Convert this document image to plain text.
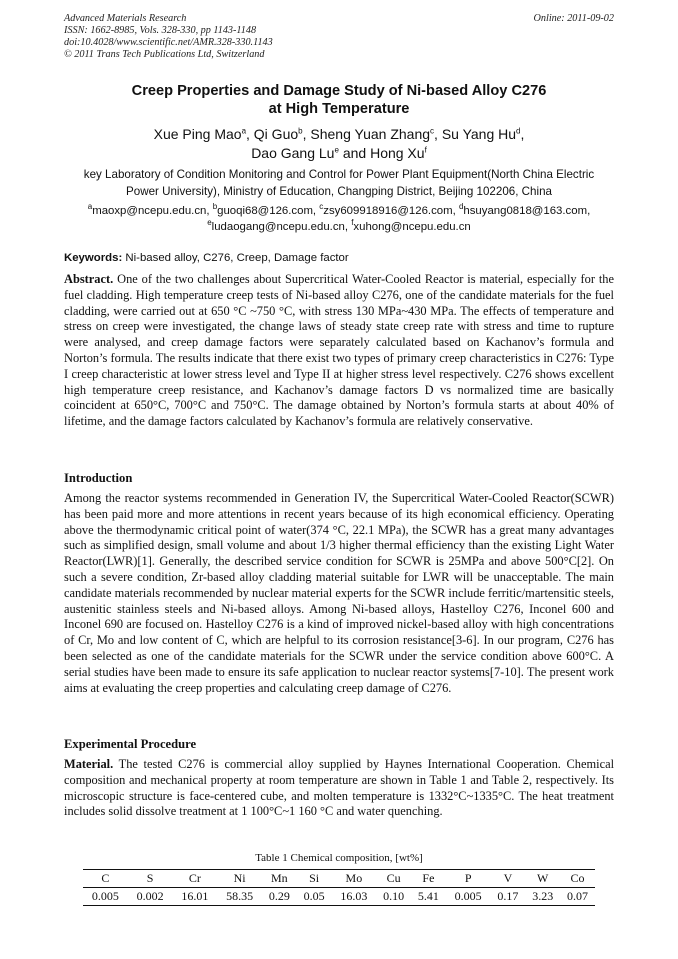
Advanced Materials Research
ISSN: 1662-8985, Vols. 328-330, pp 1143-1148
doi:10.4028/www.scientific.net/AMR.328-330.1143
© 2011 Trans Tech Publications Ltd, Switzerland
Online: 2011-09-02
Creep Properties and Damage Study of Ni-based Alloy C276
at High Temperature
Xue Ping Mao$^a$, Qi Guo$^b$, Sheng Yuan Zhang$^c$, Su Yang Hu$^d$,
Dao Gang Lu$^e$ and Hong Xu$^f$
key Laboratory of Condition Monitoring and Control for Power Plant Equipment(North China Electric
Power University), Ministry of Education, Changping District, Beijing 102206, China
$^a$maoxp@ncepu.edu.cn, $^b$guoqi68@126.com, $^c$zsy609918916@126.com, $^d$hsuyang0818@163.com,
$^e$ludaogang@ncepu.edu.cn, $^f$xuhong@ncepu.edu.cn
Keywords: Ni-based alloy, C276, Creep, Damage factor
Abstract. One of the two challenges about Supercritical Water-Cooled Reactor is material, especially for the fuel cladding. High temperature creep tests of Ni-based alloy C276, one of the candidate materials for the fuel cladding, were carried out at 650 °C ~750 °C, with stress 130 MPa~430 MPa. The effects of temperature and stress on creep were investigated, the change laws of steady state creep rate with stress and time to rupture were analysed, and creep damage factors were separately calculated based on Kachanov’s formula and Norton’s formula. The results indicate that there exist two types of primary creep characteristics in C276: Type I creep characteristic at lower stress level and Type II at higher stress level respectively. C276 shows excellent high temperature creep resistance, and Kachanov’s damage factors D vs normalized time are basically coincident at 650°C, 700°C and 750°C. The damage obtained by Norton’s formula starts at about 40% of lifetime, and the damage factors calculated by Kachanov’s formula are relatively conservative.
Introduction
Among the reactor systems recommended in Generation IV, the Supercritical Water-Cooled Reactor(SCWR) has been paid more and more attentions in recent years because of its high economical efficiency. Operating above the thermodynamic critical point of water(374 °C, 22.1 MPa), the SCWR has a great many advantages such as simplified design, small volume and about 1/3 higher thermal efficiency than the existing Light Water Reactor(LWR)[1]. Generally, the described service condition for SCWR is 25MPa and above 500°C[2]. On such a severe condition, Zr-based alloy cladding material suitable for LWR will be unacceptable. The main candidate materials recommended by nuclear material experts for the SCWR include ferritic/martensitic steels, austenitic stainless steels and Ni-based alloys. Among Ni-based alloys, Hastelloy C276, Inconel 600 and Inconel 690 are focused on. Hastelloy C276 is a kind of improved nickel-based alloy with high concentrations of Cr, Mo and low content of C, which are helpful to its corrosion resistance[3-6]. In our program, C276 has been selected as one of the candidate materials for the SCWR under the service condition above 600°C. A serial studies have been made to ensure its safe application to nuclear reactor systems[7-10]. The present work aims at evaluating the creep properties and calculating creep damage of C276.
Experimental Procedure
Material. The tested C276 is commercial alloy supplied by Haynes International Cooperation. Chemical composition and mechanical property at room temperature are shown in Table 1 and Table 2, respectively. Its microscopic structure is face-centered cube, and molten temperature is 1332°C~1335°C. The heat treatment includes solid dissolve treatment at 1 100°C~1 160 °C and water quenching.
Table 1 Chemical composition, [wt%]
C	S	Cr	Ni	Mn	Si	Mo	Cu	Fe	P	V	W	Co
0.005	0.002	16.01	58.35	0.29	0.05	16.03	0.10	5.41	0.005	0.17	3.23	0.07
